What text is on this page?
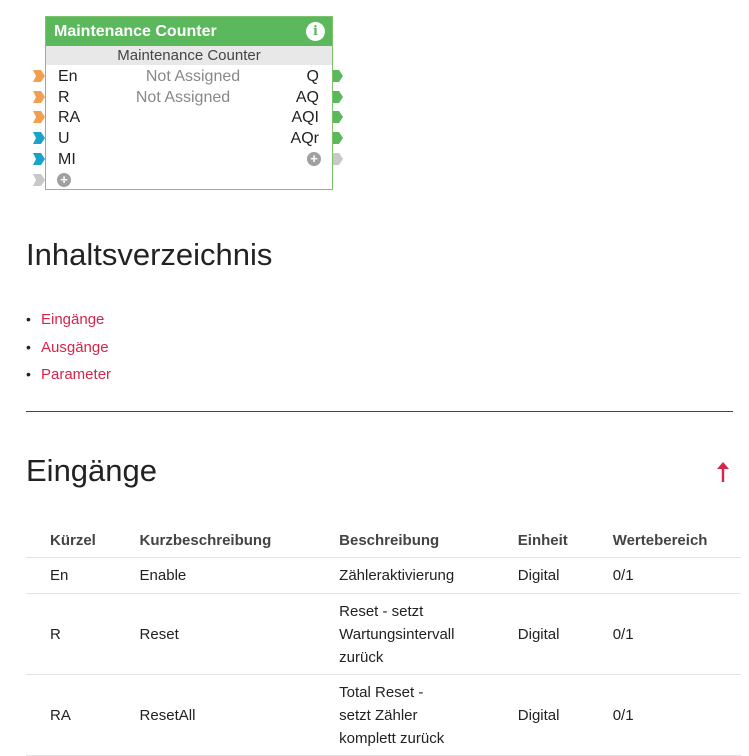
Maintenance Counter	i
Maintenance Counter
En
R
RA
U
MI
+
Not Assigned
Not Assigned
Q
AQ
AQI
AQr
+
Inhaltsverzeichnis
• Eingänge
• Ausgänge
• Parameter
Eingänge
Kürzel	Kurzbeschreibung	Beschreibung	Einheit	Wertebereich
En	Enable	Zähleraktivierung	Digital	0/1
R	Reset	Reset - setzt
Wartungsintervall
zurück	Digital	0/1
RA	ResetAll	Total Reset -
setzt Zähler
komplett zurück	Digital	0/1
